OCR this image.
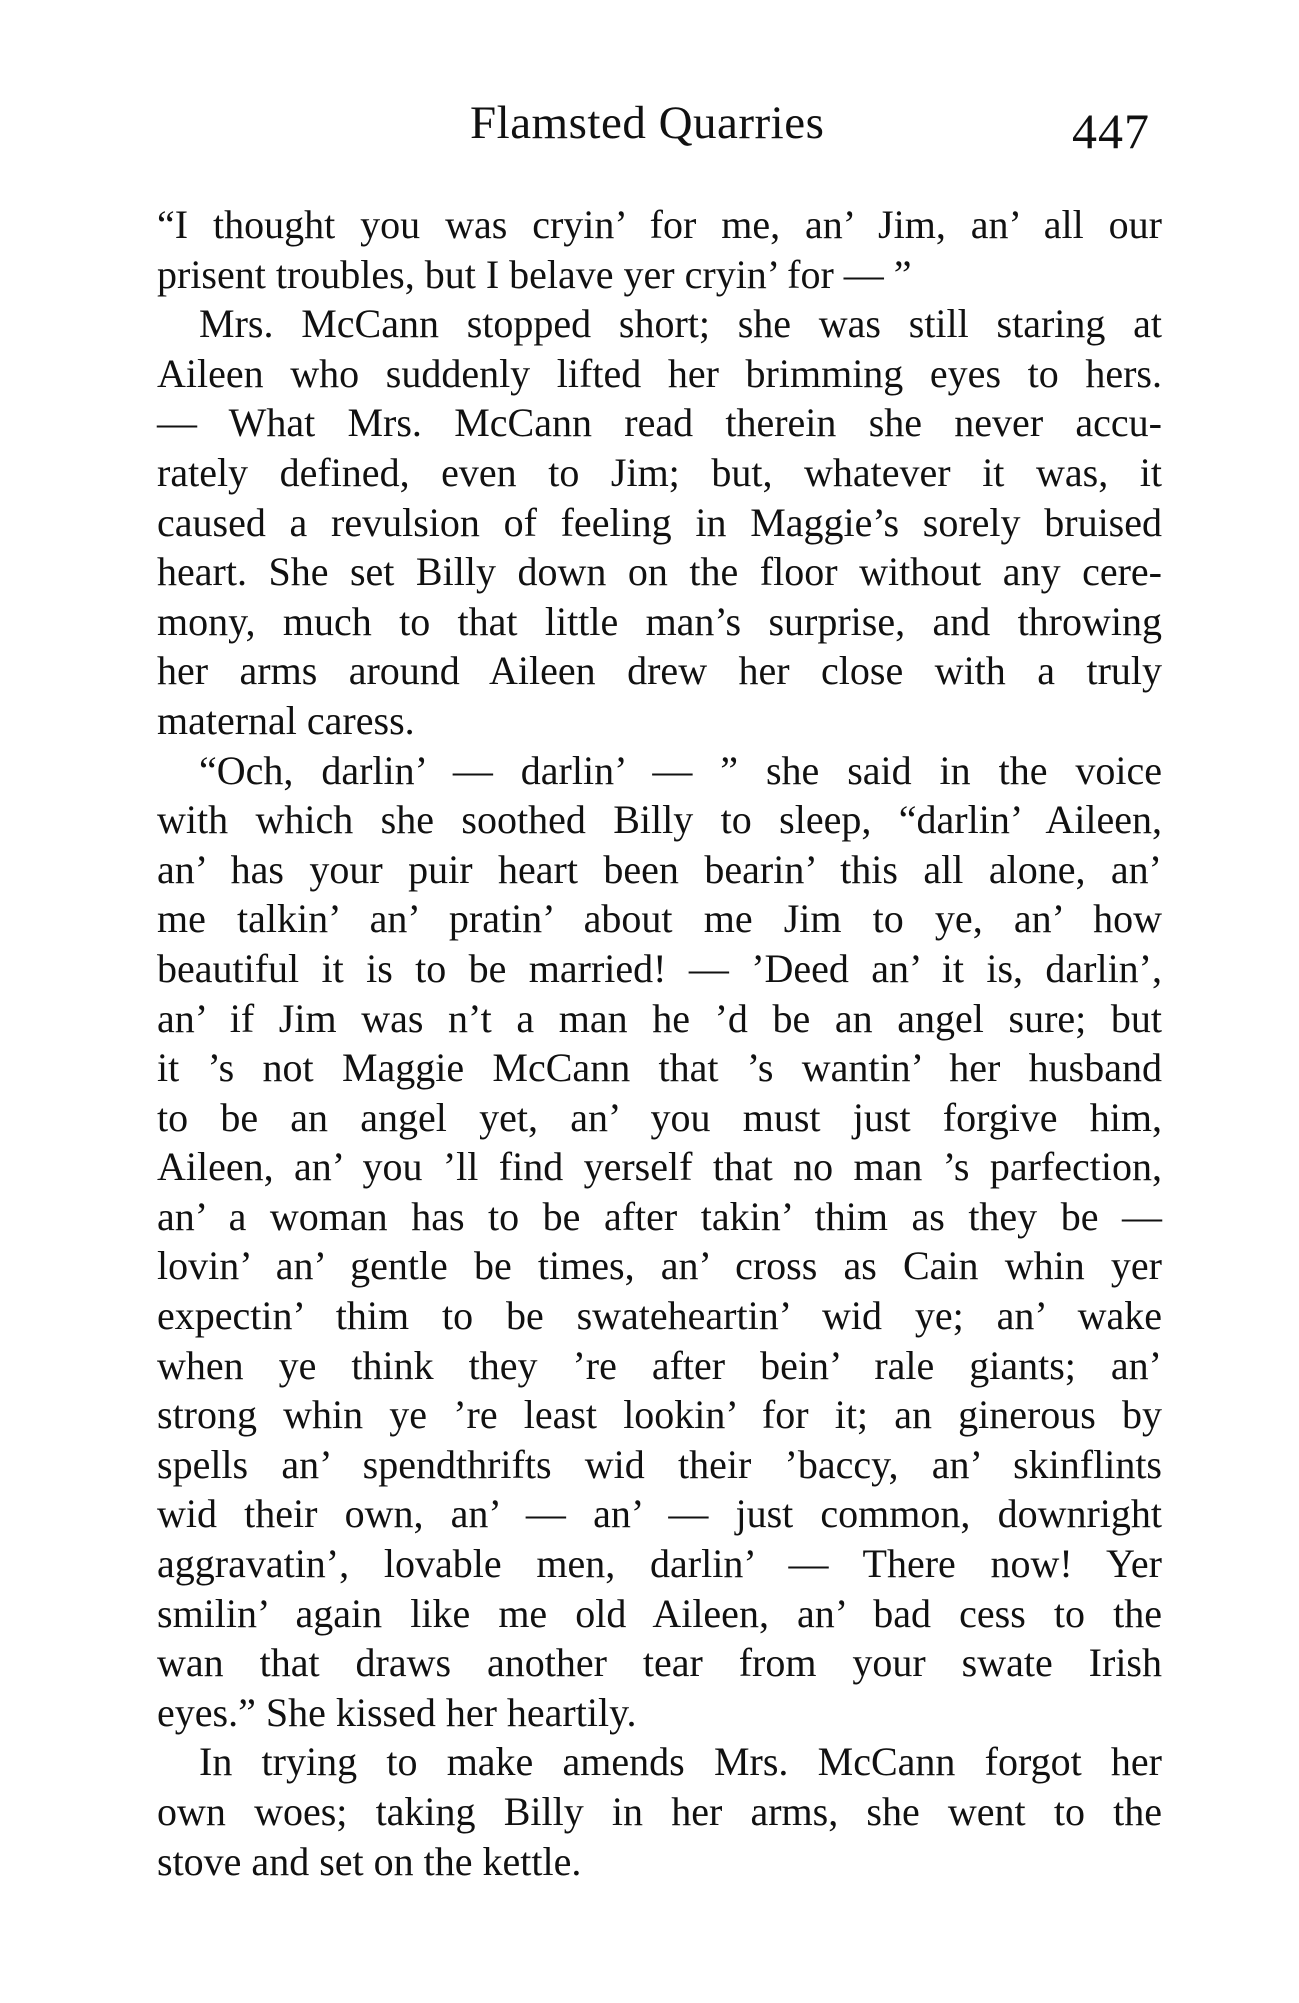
Flamsted Quarries	447
“I thought you was cryin’ for me, an’ Jim, an’ all our
prisent troubles, but I belave yer cryin’ for — ”
Mrs. McCann stopped short; she was still staring at
Aileen who suddenly lifted her brimming eyes to hers.
— What Mrs. McCann read therein she never accu-
rately defined, even to Jim; but, whatever it was, it
caused a revulsion of feeling in Maggie’s sorely bruised
heart. She set Billy down on the floor without any cere-
mony, much to that little man’s surprise, and throwing
her arms around Aileen drew her close with a truly
maternal caress.
“Och, darlin’ — darlin’ — ” she said in the voice
with which she soothed Billy to sleep, “darlin’ Aileen,
an’ has your puir heart been bearin’ this all alone, an’
me talkin’ an’ pratin’ about me Jim to ye, an’ how
beautiful it is to be married! — ’Deed an’ it is, darlin’,
an’ if Jim was n’t a man he ’d be an angel sure; but
it ’s not Maggie McCann that ’s wantin’ her husband
to be an angel yet, an’ you must just forgive him,
Aileen, an’ you ’ll find yerself that no man ’s parfection,
an’ a woman has to be after takin’ thim as they be —
lovin’ an’ gentle be times, an’ cross as Cain whin yer
expectin’ thim to be swateheartin’ wid ye; an’ wake
when ye think they ’re after bein’ rale giants; an’
strong whin ye ’re least lookin’ for it; an ginerous by
spells an’ spendthrifts wid their ’baccy, an’ skinflints
wid their own, an’ — an’ — just common, downright
aggravatin’, lovable men, darlin’ — There now! Yer
smilin’ again like me old Aileen, an’ bad cess to the
wan that draws another tear from your swate Irish
eyes.” She kissed her heartily.
In trying to make amends Mrs. McCann forgot her
own woes; taking Billy in her arms, she went to the
stove and set on the kettle.
